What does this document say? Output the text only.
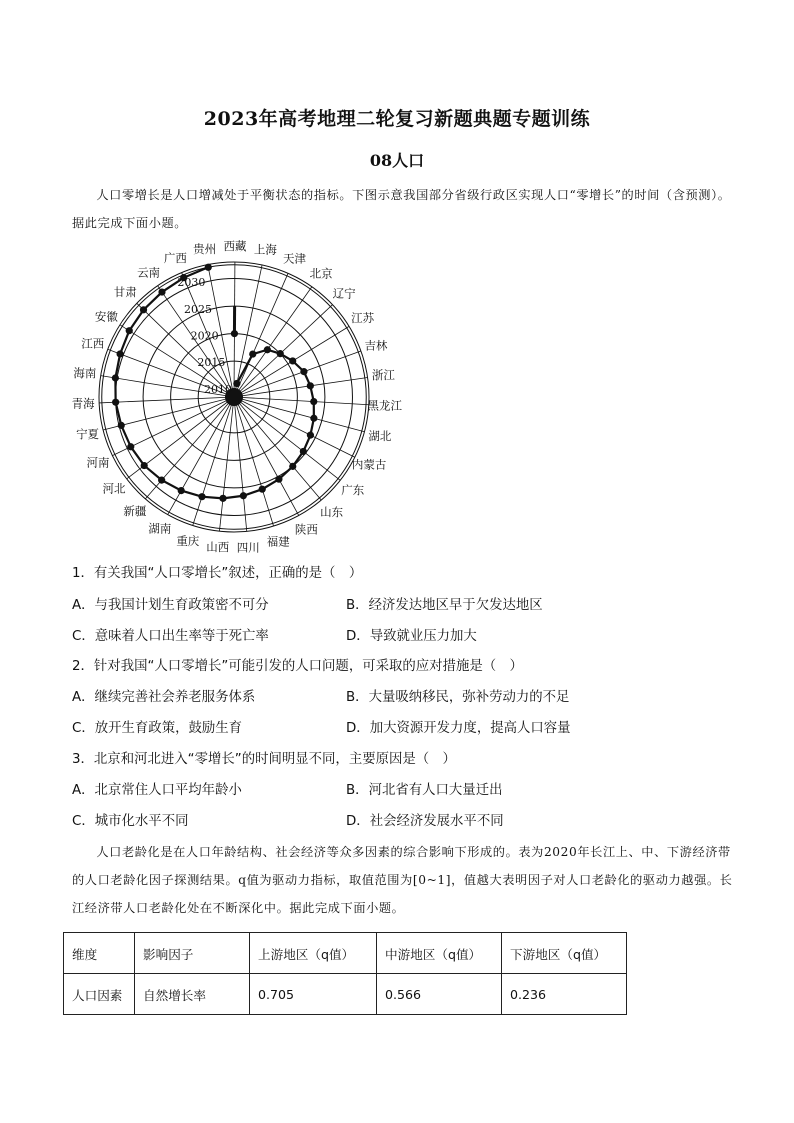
2023年高考地理二轮复习新题典题专题训练
08人口
人口零增长是人口增减处于平衡状态的指标。下图示意我国部分省级行政区实现人口“零增长”的时间（含预测）。据此完成下面小题。
2010
2015
2020
2025
2030
上海
天津
北京
辽宁
江苏
吉林
浙江
黑龙江
湖北
内蒙古
广东
山东
陕西
福建
四川
山西
重庆
湖南
新疆
河北
河南
宁夏
青海
海南
江西
安徽
甘肃
云南
广西
贵州 西藏
1．有关我国“人口零增长”叙述，正确的是（　）
A．与我国计划生育政策密不可分	B．经济发达地区早于欠发达地区
C．意味着人口出生率等于死亡率	D．导致就业压力加大
2．针对我国“人口零增长”可能引发的人口问题，可采取的应对措施是（　）
A．继续完善社会养老服务体系	B．大量吸纳移民，弥补劳动力的不足
C．放开生育政策，鼓励生育	D．加大资源开发力度，提高人口容量
3．北京和河北进入“零增长”的时间明显不同，主要原因是（　）
A．北京常住人口平均年龄小	B．河北省有人口大量迁出
C．城市化水平不同	D．社会经济发展水平不同
人口老龄化是在人口年龄结构、社会经济等众多因素的综合影响下形成的。表为2020年长江上、中、下游经济带的人口老龄化因子探测结果。q值为驱动力指标，取值范围为[0~1]，值越大表明因子对人口老龄化的驱动力越强。长江经济带人口老龄化处在不断深化中。据此完成下面小题。
维度	影响因子	上游地区（q值）	中游地区（q值）	下游地区（q值）
人口因素	自然增长率	0.705	0.566	0.236
